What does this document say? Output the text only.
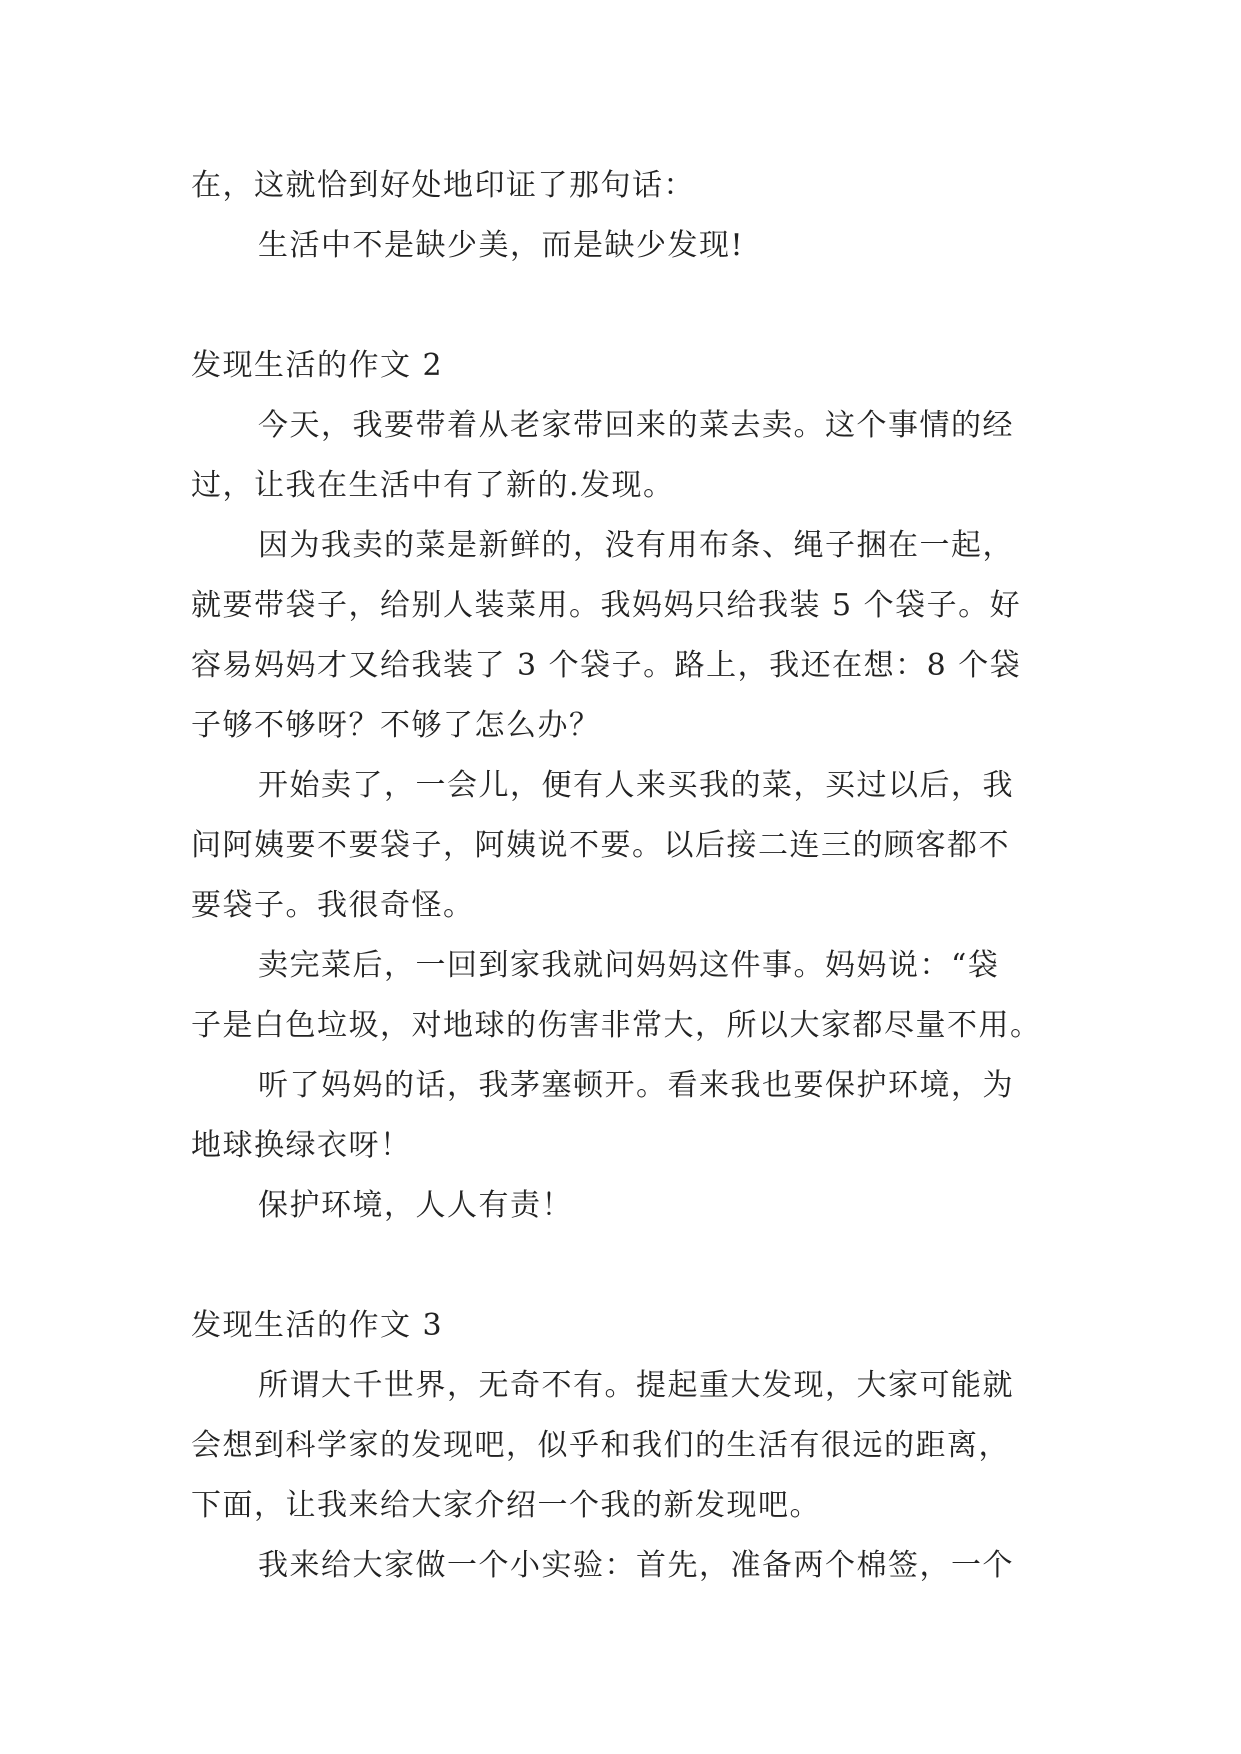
在，这就恰到好处地印证了那句话：
生活中不是缺少美，而是缺少发现!
发现生活的作文 2
今天，我要带着从老家带回来的菜去卖。这个事情的经
过，让我在生活中有了新的.发现。
因为我卖的菜是新鲜的，没有用布条、绳子捆在一起，
就要带袋子，给别人装菜用。我妈妈只给我装 5 个袋子。好
容易妈妈才又给我装了 3 个袋子。路上，我还在想：8 个袋
子够不够呀？不够了怎么办？
开始卖了，一会儿，便有人来买我的菜，买过以后，我
问阿姨要不要袋子，阿姨说不要。以后接二连三的顾客都不
要袋子。我很奇怪。
卖完菜后，一回到家我就问妈妈这件事。妈妈说：“袋
子是白色垃圾，对地球的伤害非常大，所以大家都尽量不用。
听了妈妈的话，我茅塞顿开。看来我也要保护环境，为
地球换绿衣呀！
保护环境，人人有责！
发现生活的作文 3
所谓大千世界，无奇不有。提起重大发现，大家可能就
会想到科学家的发现吧，似乎和我们的生活有很远的距离，
下面，让我来给大家介绍一个我的新发现吧。
我来给大家做一个小实验：首先，准备两个棉签，一个
